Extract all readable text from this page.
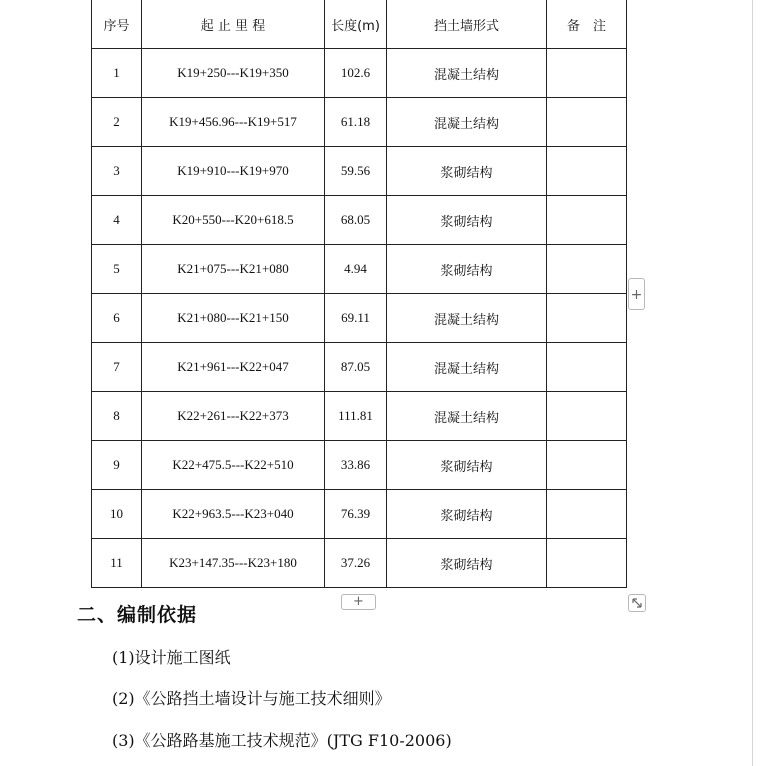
序号	起 止 里 程	长度(m)	挡土墙形式	备　注
1	K19+250---K19+350	102.6	混凝土结构	
2	K19+456.96---K19+517	61.18	混凝土结构	
3	K19+910---K19+970	59.56	浆砌结构	
4	K20+550---K20+618.5	68.05	浆砌结构	
5	K21+075---K21+080	4.94	浆砌结构	
6	K21+080---K21+150	69.11	混凝土结构	
7	K21+961---K22+047	87.05	混凝土结构	
8	K22+261---K22+373	111.81	混凝土结构	
9	K22+475.5---K22+510	33.86	浆砌结构	
10	K22+963.5---K23+040	76.39	浆砌结构	
11	K23+147.35---K23+180	37.26	浆砌结构	
+
+
二、编制依据
(1)设计施工图纸
(2)《公路挡土墙设计与施工技术细则》
(3)《公路路基施工技术规范》(JTG F10-2006)
